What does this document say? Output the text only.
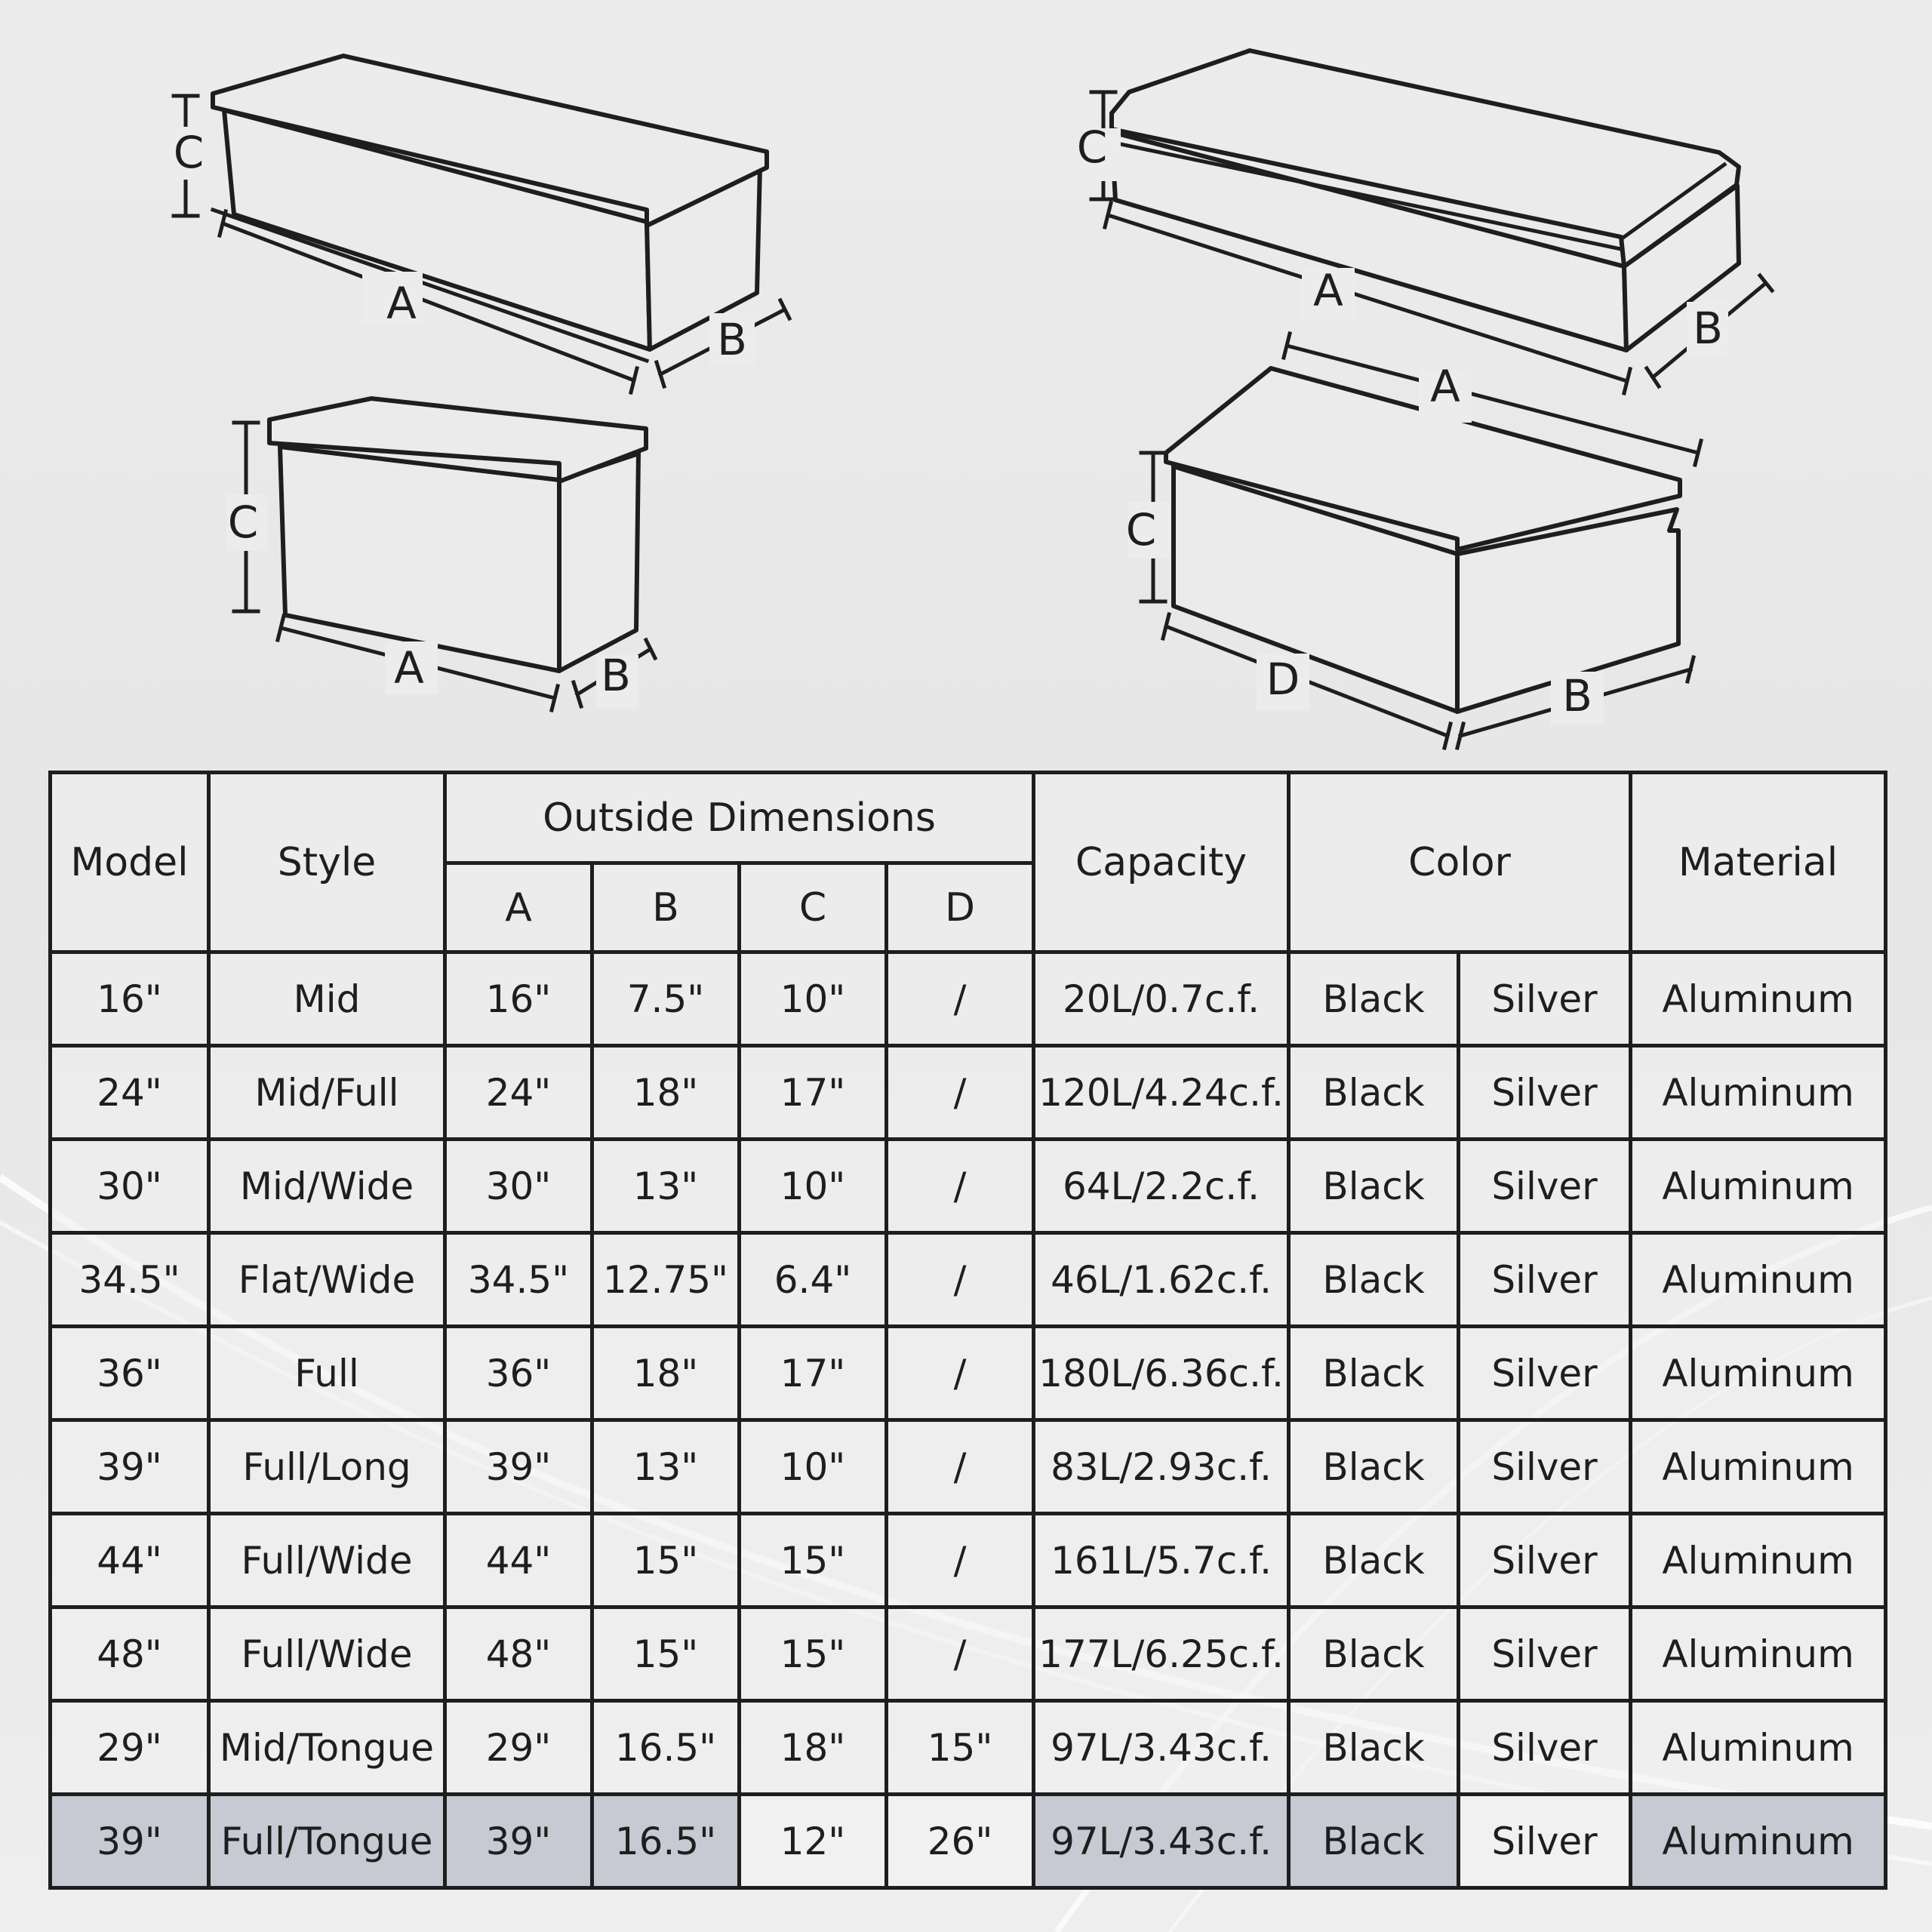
C
A
B
C
A	B
C
A
B
C
A
D	B
Model	Style	Outside Dimensions				Capacity	Color		Material
		A	B	C	D				
16"	Mid	16"	7.5"	10"	/	20L/0.7c.f.	Black	Silver	Aluminum
24"	Mid/Full	24"	18"	17"	/	120L/4.24c.f.	Black	Silver	Aluminum
30"	Mid/Wide	30"	13"	10"	/	64L/2.2c.f.	Black	Silver	Aluminum
34.5"	Flat/Wide	34.5"	12.75"	6.4"	/	46L/1.62c.f.	Black	Silver	Aluminum
36"	Full	36"	18"	17"	/	180L/6.36c.f.	Black	Silver	Aluminum
39"	Full/Long	39"	13"	10"	/	83L/2.93c.f.	Black	Silver	Aluminum
44"	Full/Wide	44"	15"	15"	/	161L/5.7c.f.	Black	Silver	Aluminum
48"	Full/Wide	48"	15"	15"	/	177L/6.25c.f.	Black	Silver	Aluminum
29"	Mid/Tongue	29"	16.5"	18"	15"	97L/3.43c.f.	Black	Silver	Aluminum
39"	Full/Tongue	39"	16.5"	12"	26"	97L/3.43c.f.	Black	Silver	Aluminum
